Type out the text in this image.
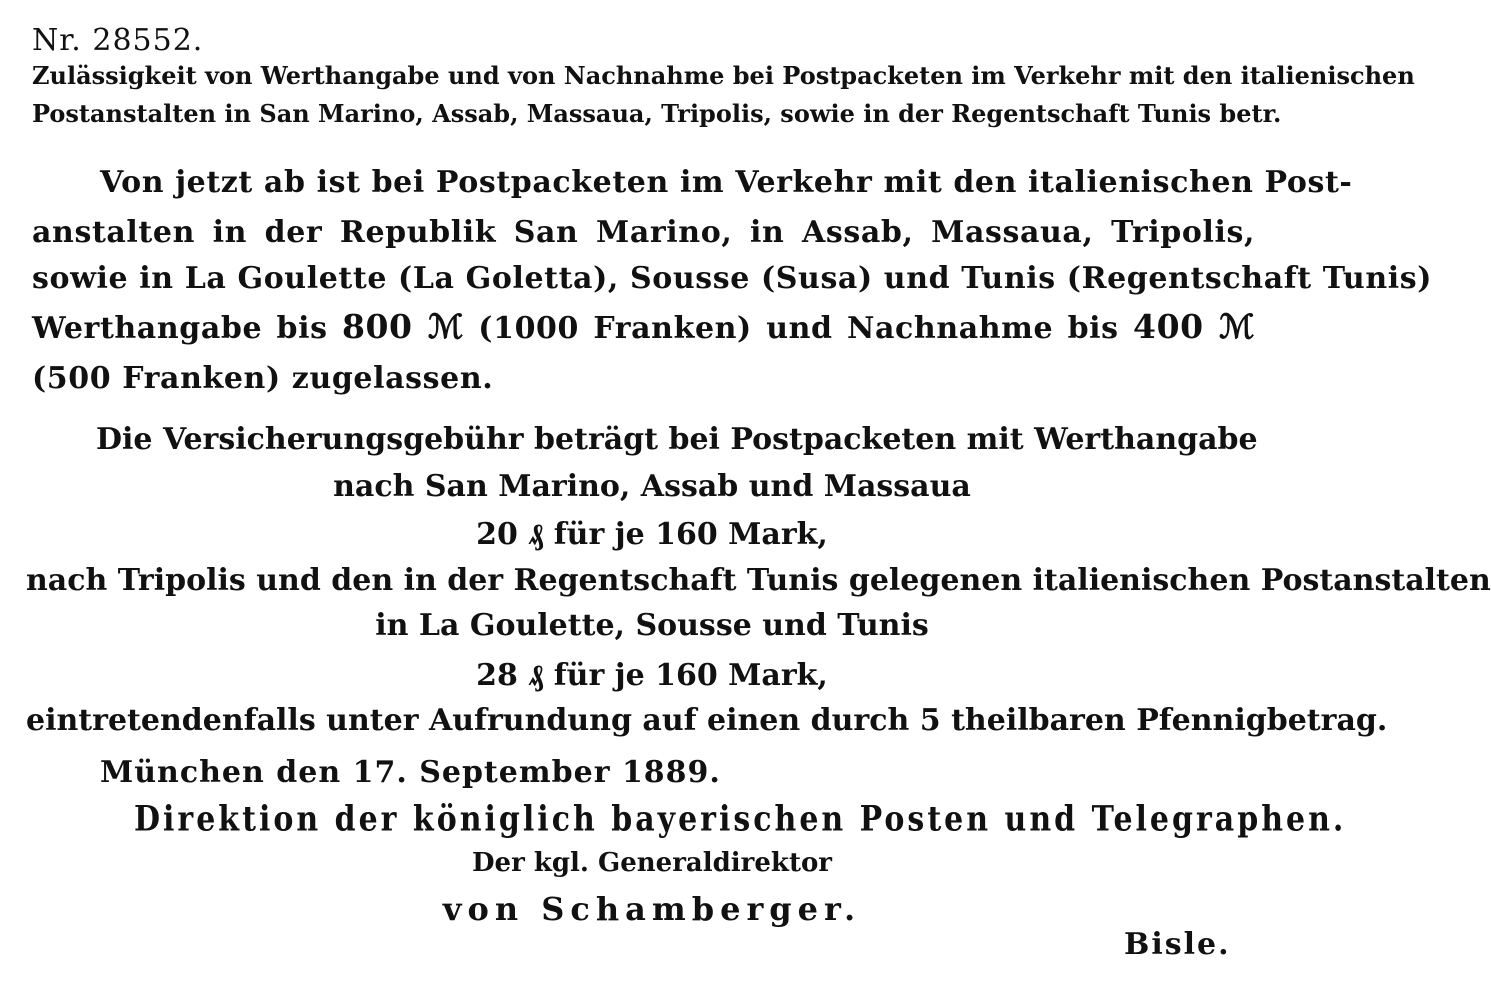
Nr. 28552.
Zulässigkeit von Werthangabe und von Nachnahme bei Postpacketen im Verkehr mit den italienischen
Postanstalten in San Marino, Assab, Massaua, Tripolis, sowie in der Regentschaft Tunis betr.
Von jetzt ab ist bei Postpacketen im Verkehr mit den italienischen Post-
anstalten in der Republik San Marino, in Assab, Massaua, Tripolis,
sowie in La Goulette (La Goletta), Sousse (Susa) und Tunis (Regentschaft Tunis)
Werthangabe bis 800 ℳ (1000 Franken) und Nachnahme bis 400 ℳ
(500 Franken) zugelassen.
Die Versicherungsgebühr beträgt bei Postpacketen mit Werthangabe
nach San Marino, Assab und Massaua
20 ₰ für je 160 Mark,
nach Tripolis und den in der Regentschaft Tunis gelegenen italienischen Postanstalten
in La Goulette, Sousse und Tunis
28 ₰ für je 160 Mark,
eintretendenfalls unter Aufrundung auf einen durch 5 theilbaren Pfennigbetrag.
München den 17. September 1889.
Direktion der königlich bayerischen Posten und Telegraphen.
Der kgl. Generaldirektor
von Schamberger.
Bisle.
